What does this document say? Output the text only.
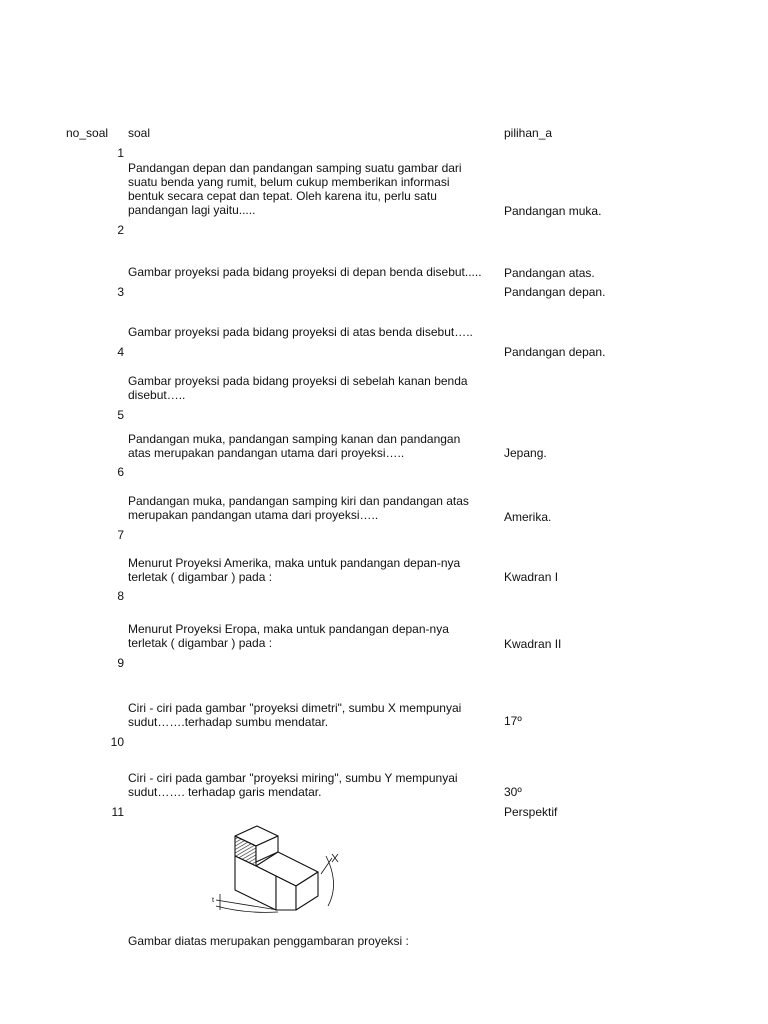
no_soal soal	pilihan_a
1
Pandangan depan dan pandangan samping suatu gambar dari
suatu benda yang rumit, belum cukup memberikan informasi
bentuk secara cepat dan tepat. Oleh karena itu, perlu satu
pandangan lagi yaitu.....	Pandangan muka.
2
Gambar proyeksi pada bidang proyeksi di depan benda disebut.....	Pandangan atas.
3	Pandangan depan.
Gambar proyeksi pada bidang proyeksi di atas benda disebut…..
4	Pandangan depan.
Gambar proyeksi pada bidang proyeksi di sebelah kanan benda
disebut…..
5
Pandangan muka, pandangan samping kanan dan pandangan
atas merupakan pandangan utama dari proyeksi…..	Jepang.
6
Pandangan muka, pandangan samping kiri dan pandangan atas
merupakan pandangan utama dari proyeksi…..	Amerika.
7
Menurut Proyeksi Amerika, maka untuk pandangan depan-nya
terletak ( digambar ) pada :	Kwadran I
8
Menurut Proyeksi Eropa, maka untuk pandangan depan-nya
terletak ( digambar ) pada :	Kwadran II
9
Ciri - ciri pada gambar "proyeksi dimetri", sumbu X mempunyai
sudut…….terhadap sumbu mendatar.	17º
10
Ciri - ciri pada gambar "proyeksi miring", sumbu Y mempunyai
sudut……. terhadap garis mendatar.	30º
11	Perspektif
t
Gambar diatas merupakan penggambaran proyeksi :
